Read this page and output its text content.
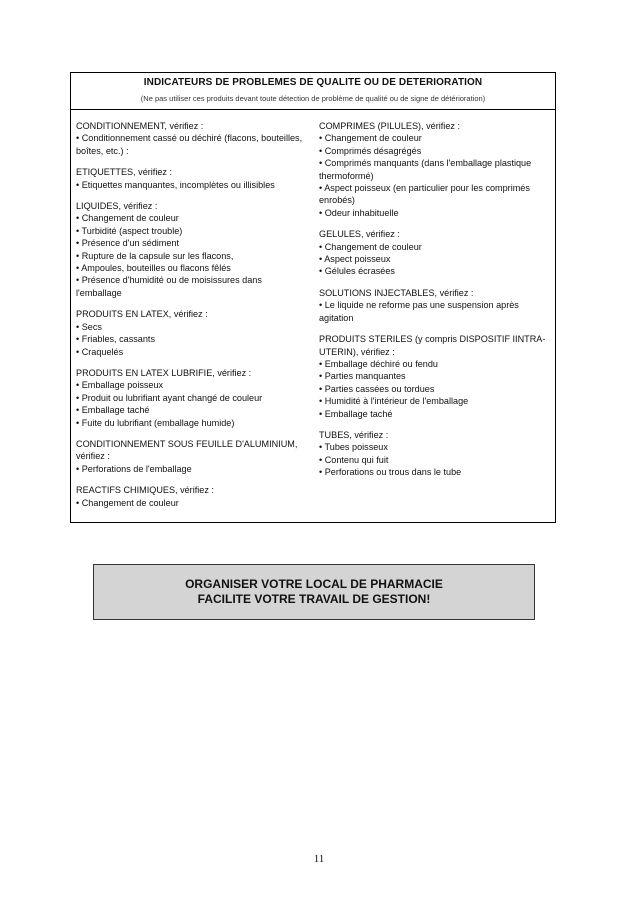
INDICATEURS DE PROBLEMES DE QUALITE OU DE DETERIORATION
(Ne pas utiliser ces produits devant toute détection de problème de qualité ou de signe de détérioration)
CONDITIONNEMENT, vérifiez :
• Conditionnement cassé ou déchiré (flacons, bouteilles, boîtes, etc.) :
ETIQUETTES, vérifiez :
• Etiquettes manquantes, incomplètes ou illisibles
LIQUIDES, vérifiez :
• Changement de couleur
• Turbidité (aspect trouble)
• Présence d'un sédiment
• Rupture de la capsule sur les flacons,
• Ampoules, bouteilles ou flacons fêlés
• Présence d'humidité ou de moisissures dans l'emballage
PRODUITS EN LATEX, vérifiez :
• Secs
• Friables, cassants
• Craquelés
PRODUITS EN LATEX LUBRIFIE, vérifiez :
• Emballage poisseux
• Produit ou lubrifiant ayant changé de couleur
• Emballage taché
• Fuite du lubrifiant (emballage humide)
CONDITIONNEMENT SOUS FEUILLE D'ALUMINIUM, vérifiez :
• Perforations de l'emballage
REACTIFS CHIMIQUES, vérifiez :
• Changement de couleur
COMPRIMES (PILULES), vérifiez :
• Changement de couleur
• Comprimés désagrégés
• Comprimés manquants (dans l'emballage plastique thermoformé)
• Aspect poisseux (en particulier pour les comprimés enrobés)
• Odeur inhabituelle
GELULES, vérifiez :
• Changement de couleur
• Aspect poisseux
• Gélules écrasées
SOLUTIONS INJECTABLES, vérifiez :
• Le liquide ne reforme pas une suspension après agitation
PRODUITS STERILES (y compris DISPOSITIF IINTRA-UTERIN), vérifiez :
• Emballage déchiré ou fendu
• Parties manquantes
• Parties cassées ou tordues
• Humidité à l'intérieur de l'emballage
• Emballage taché
TUBES, vérifiez :
• Tubes poisseux
• Contenu qui fuit
• Perforations ou trous dans le tube
ORGANISER VOTRE LOCAL DE PHARMACIE
FACILITE VOTRE TRAVAIL DE GESTION!
11
